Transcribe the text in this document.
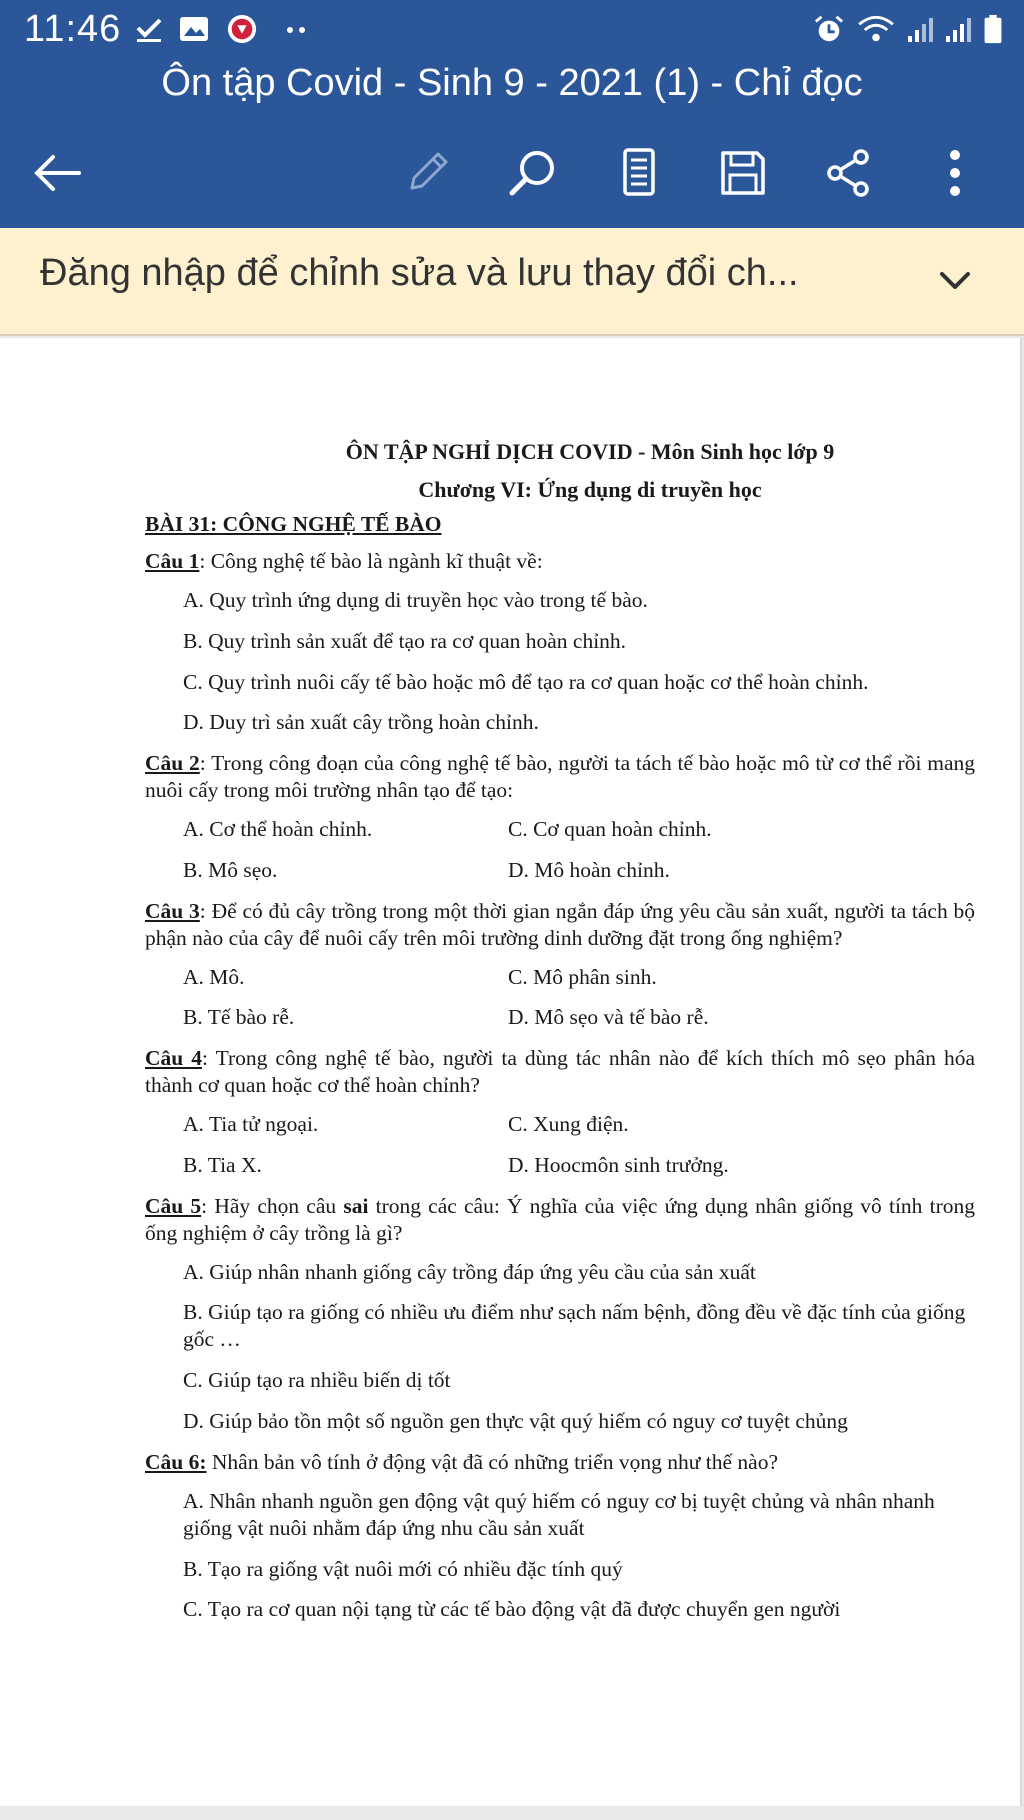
11:46
Ôn tập Covid - Sinh 9 - 2021 (1) - Chỉ đọc
Đăng nhập để chỉnh sửa và lưu thay đổi ch...
ÔN TẬP NGHỈ DỊCH COVID - Môn Sinh học lớp 9
Chương VI: Ứng dụng di truyền học
BÀI 31: CÔNG NGHỆ TẾ BÀO
Câu 1: Công nghệ tế bào là ngành kĩ thuật về:
A. Quy trình ứng dụng di truyền học vào trong tế bào.
B. Quy trình sản xuất để tạo ra cơ quan hoàn chỉnh.
C. Quy trình nuôi cấy tế bào hoặc mô để tạo ra cơ quan hoặc cơ thể hoàn chỉnh.
D. Duy trì sản xuất cây trồng hoàn chỉnh.
Câu 2: Trong công đoạn của công nghệ tế bào, người ta tách tế bào hoặc mô từ cơ thể rồi mang nuôi cấy trong môi trường nhân tạo để tạo:
A. Cơ thể hoàn chỉnh.	C. Cơ quan hoàn chỉnh.
B. Mô sẹo.	D. Mô hoàn chỉnh.
Câu 3: Để có đủ cây trồng trong một thời gian ngắn đáp ứng yêu cầu sản xuất, người ta tách bộ phận nào của cây để nuôi cấy trên môi trường dinh dưỡng đặt trong ống nghiệm?
A. Mô.	C. Mô phân sinh.
B. Tế bào rễ.	D. Mô sẹo và tế bào rễ.
Câu 4: Trong công nghệ tế bào, người ta dùng tác nhân nào để kích thích mô sẹo phân hóa thành cơ quan hoặc cơ thể hoàn chỉnh?
A. Tia tử ngoại.	C. Xung điện.
B. Tia X.	D. Hoocmôn sinh trưởng.
Câu 5: Hãy chọn câu sai trong các câu: Ý nghĩa của việc ứng dụng nhân giống vô tính trong ống nghiệm ở cây trồng là gì?
A. Giúp nhân nhanh giống cây trồng đáp ứng yêu cầu của sản xuất
B. Giúp tạo ra giống có nhiều ưu điểm như sạch nấm bệnh, đồng đều về đặc tính của giống gốc …
C. Giúp tạo ra nhiều biến dị tốt
D. Giúp bảo tồn một số nguồn gen thực vật quý hiếm có nguy cơ tuyệt chủng
Câu 6: Nhân bản vô tính ở động vật đã có những triển vọng như thế nào?
A. Nhân nhanh nguồn gen động vật quý hiếm có nguy cơ bị tuyệt chủng và nhân nhanh giống vật nuôi nhằm đáp ứng nhu cầu sản xuất
B. Tạo ra giống vật nuôi mới có nhiều đặc tính quý
C. Tạo ra cơ quan nội tạng từ các tế bào động vật đã được chuyển gen người
